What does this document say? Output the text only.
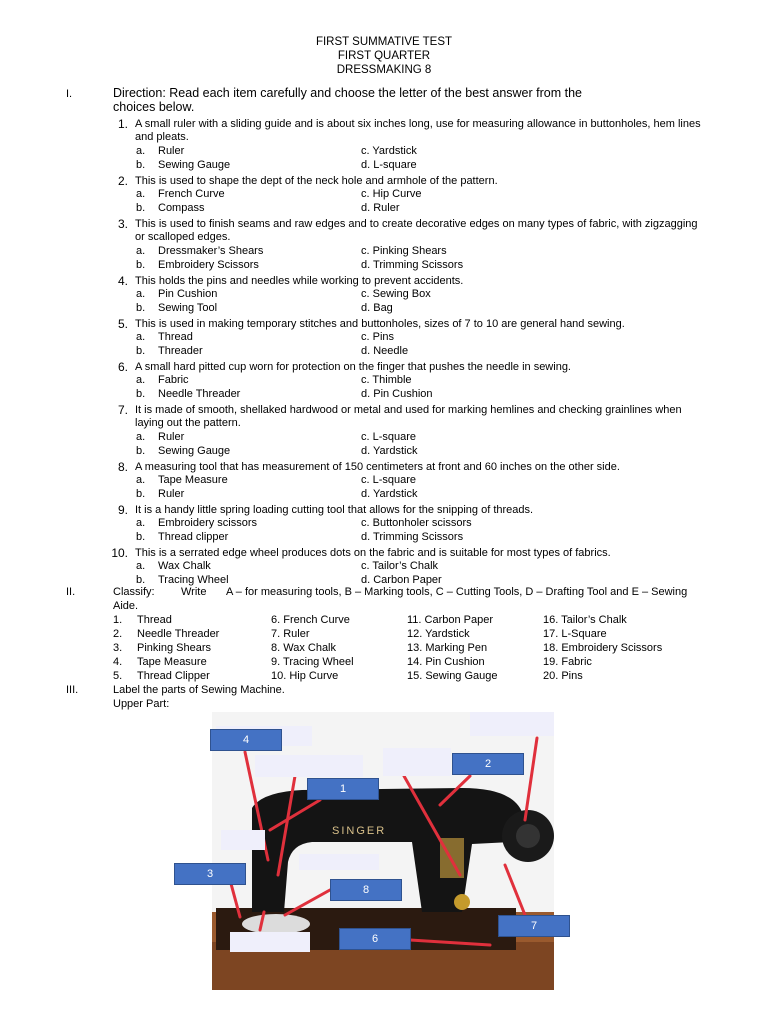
FIRST SUMMATIVE TEST
FIRST QUARTER
DRESSMAKING 8
I.	Direction: Read each item carefully and choose the letter of the best answer from the
choices below.
1. A small ruler with a sliding guide and is about six inches long, use for measuring allowance in buttonholes, hem lines
and pleats.
a. Ruler	c. Yardstick
b. Sewing Gauge	d. L-square
2. This is used to shape the dept of the neck hole and armhole of the pattern.
a. French Curve	c. Hip Curve
b. Compass	d. Ruler
3. This is used to finish seams and raw edges and to create decorative edges on many types of fabric, with zigzagging
or scalloped edges.
a. Dressmaker’s Shears	c. Pinking Shears
b. Embroidery Scissors	d. Trimming Scissors
4. This holds the pins and needles while working to prevent accidents.
a. Pin Cushion	c. Sewing Box
b. Sewing Tool	d. Bag
5. This is used in making temporary stitches and buttonholes, sizes of 7 to 10 are general hand sewing.
a. Thread	c. Pins
b. Threader	d. Needle
6. A small hard pitted cup worn for protection on the finger that pushes the needle in sewing.
a. Fabric	c. Thimble
b. Needle Threader	d. Pin Cushion
7. It is made of smooth, shellaked hardwood or metal and used for marking hemlines and checking grainlines when
laying out the pattern.
a. Ruler	c. L-square
b. Sewing Gauge	d. Yardstick
8. A measuring tool that has measurement of 150 centimeters at front and 60 inches on the other side.
a. Tape Measure	c. L-square
b. Ruler	d. Yardstick
9. It is a handy little spring loading cutting tool that allows for the snipping of threads.
a. Embroidery scissors	c. Buttonholer scissors
b. Thread clipper	d. Trimming Scissors
10. This is a serrated edge wheel produces dots on the fabric and is suitable for most types of fabrics.
a. Wax Chalk	c. Tailor’s Chalk
b. Tracing Wheel	d. Carbon Paper
II.	Classify: Write A – for measuring tools, B – Marking tools, C – Cutting Tools, D – Drafting Tool and E – Sewing
Aide.
1. Thread	6. French Curve	11. Carbon Paper	16. Tailor’s Chalk
2. Needle Threader	7. Ruler	12. Yardstick	17. L-Square
3. Pinking Shears	8. Wax Chalk	13. Marking Pen	18. Embroidery Scissors
4. Tape Measure	9. Tracing Wheel	14. Pin Cushion	19. Fabric
5. Thread Clipper	10. Hip Curve	15. Sewing Gauge	20. Pins
III.	Label the parts of Sewing Machine.
Upper Part:
SINGER
4
2
1
3
8
7
6
